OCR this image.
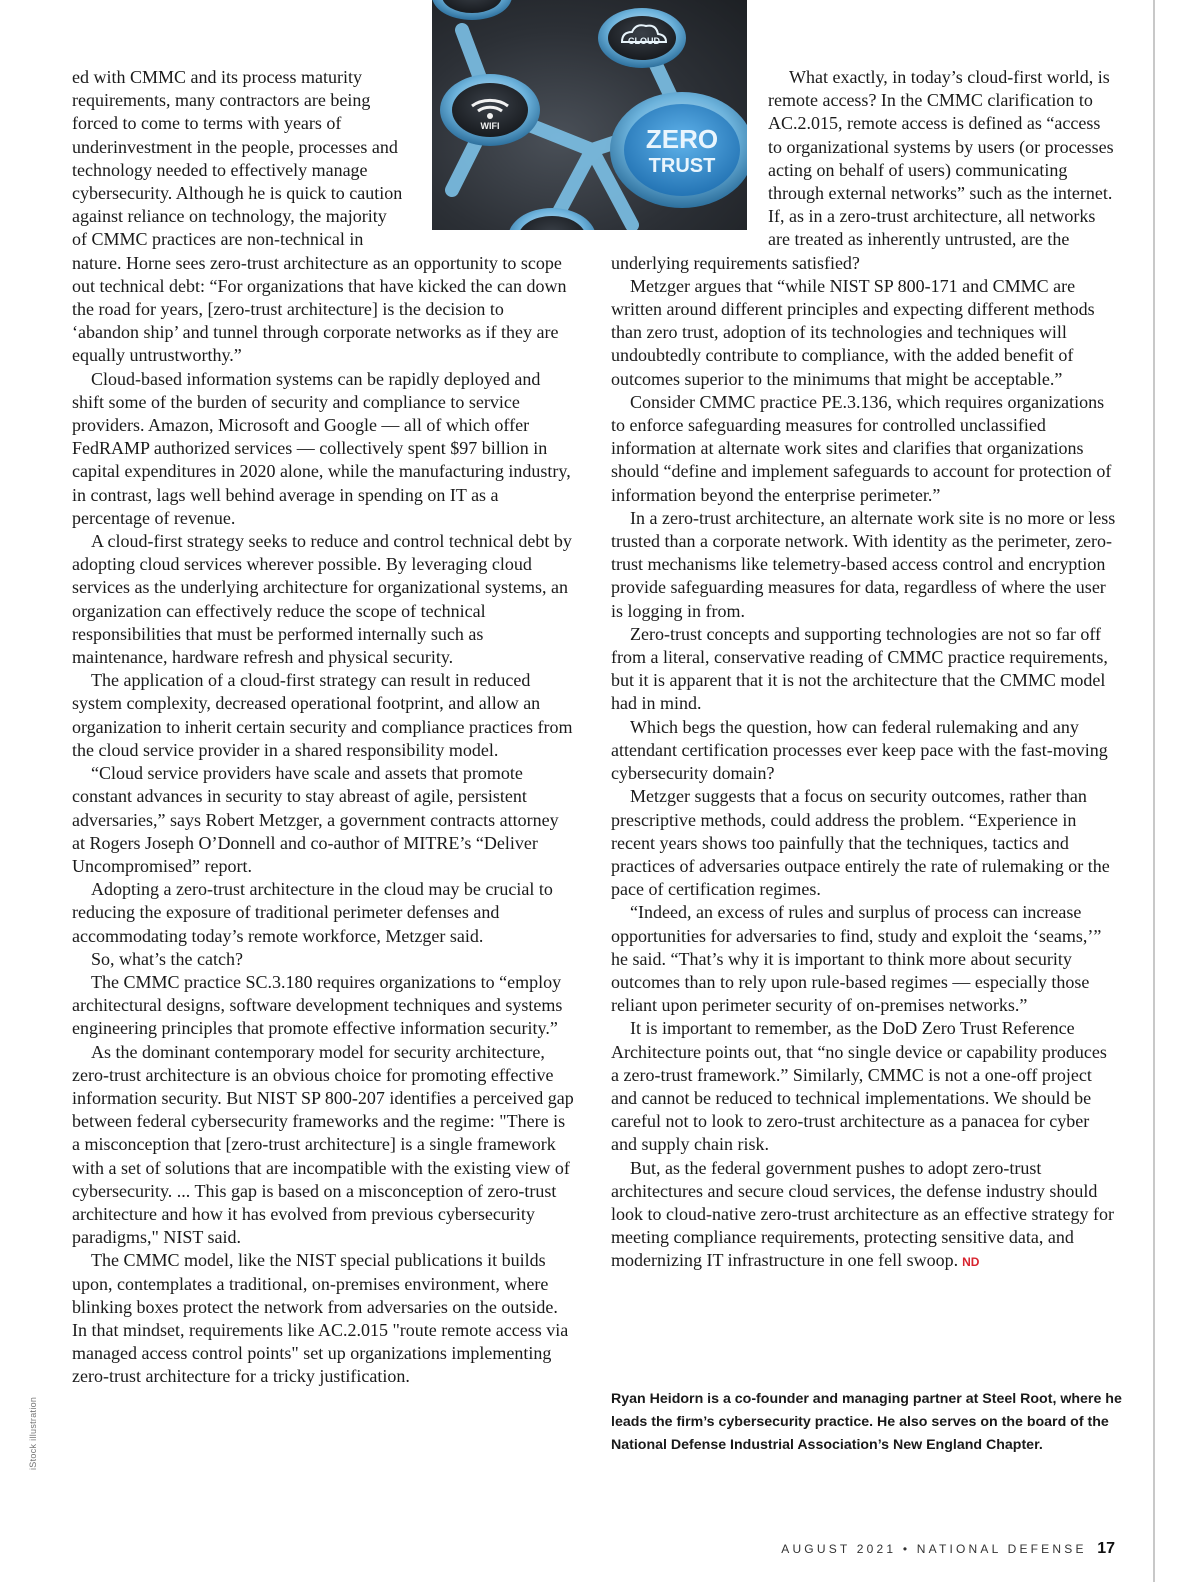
CLOUD
WIFI	ZERO
TRUST
iStock illustration

ed with CMMC and its process maturity requirements, many contractors are being forced to come to terms with years of underinvestment in the people, processes and technology needed to effectively manage cybersecurity. Although he is quick to caution against reliance on technology, the majority of CMMC practices are non-technical in nature. Horne sees zero-trust architecture as an opportunity to scope out technical debt: “For organizations that have kicked the can down the road for years, [zero-trust architecture] is the decision to ‘abandon ship’ and tunnel through corporate networks as if they are equally untrustworthy.”

Cloud-based information systems can be rapidly deployed and shift some of the burden of security and compliance to service providers. Amazon, Microsoft and Google — all of which offer FedRAMP authorized services — collectively spent $97 billion in capital expenditures in 2020 alone, while the manufacturing industry, in contrast, lags well behind average in spending on IT as a percentage of revenue.

A cloud-first strategy seeks to reduce and control technical debt by adopting cloud services wherever possible. By leveraging cloud services as the underlying architecture for organizational systems, an organization can effectively reduce the scope of technical responsibilities that must be performed internally such as maintenance, hardware refresh and physical security.

The application of a cloud-first strategy can result in reduced system complexity, decreased operational footprint, and allow an organization to inherit certain security and compliance practices from the cloud service provider in a shared responsibility model.

“Cloud service providers have scale and assets that promote constant advances in security to stay abreast of agile, persistent adversaries,” says Robert Metzger, a government contracts attorney at Rogers Joseph O’Donnell and co-author of MITRE’s “Deliver Uncompromised” report.

Adopting a zero-trust architecture in the cloud may be crucial to reducing the exposure of traditional perimeter defenses and accommodating today’s remote workforce, Metzger said.

So, what’s the catch?

The CMMC practice SC.3.180 requires organizations to “employ architectural designs, software development techniques and systems engineering principles that promote effective information security.”

As the dominant contemporary model for security architecture, zero-trust architecture is an obvious choice for promoting effective information security. But NIST SP 800-207 identifies a perceived gap between federal cybersecurity frameworks and the regime: "There is a misconception that [zero-trust architecture] is a single framework with a set of solutions that are incompatible with the existing view of cybersecurity. ... This gap is based on a misconception of zero-trust architecture and how it has evolved from previous cybersecurity paradigms," NIST said.

The CMMC model, like the NIST special publications it builds upon, contemplates a traditional, on-premises environment, where blinking boxes protect the network from adversaries on the outside. In that mindset, requirements like AC.2.015 "route remote access via managed access control points" set up organizations implementing zero-trust architecture for a tricky justification.

What exactly, in today’s cloud-first world, is remote access? In the CMMC clarification to AC.2.015, remote access is defined as “access to organizational systems by users (or processes acting on behalf of users) communicating through external networks” such as the internet. If, as in a zero-trust architecture, all networks are treated as inherently untrusted, are the underlying requirements satisfied?

Metzger argues that “while NIST SP 800-171 and CMMC are written around different principles and expecting different methods than zero trust, adoption of its technologies and techniques will undoubtedly contribute to compliance, with the added benefit of outcomes superior to the minimums that might be acceptable.”

Consider CMMC practice PE.3.136, which requires organizations to enforce safeguarding measures for controlled unclassified information at alternate work sites and clarifies that organizations should “define and implement safeguards to account for protection of information beyond the enterprise perimeter.”

In a zero-trust architecture, an alternate work site is no more or less trusted than a corporate network. With identity as the perimeter, zero-trust mechanisms like telemetry-based access control and encryption provide safeguarding measures for data, regardless of where the user is logging in from.

Zero-trust concepts and supporting technologies are not so far off from a literal, conservative reading of CMMC practice requirements, but it is apparent that it is not the architecture that the CMMC model had in mind.

Which begs the question, how can federal rulemaking and any attendant certification processes ever keep pace with the fast-moving cybersecurity domain?

Metzger suggests that a focus on security outcomes, rather than prescriptive methods, could address the problem. “Experience in recent years shows too painfully that the techniques, tactics and practices of adversaries outpace entirely the rate of rulemaking or the pace of certification regimes.

“Indeed, an excess of rules and surplus of process can increase opportunities for adversaries to find, study and exploit the ‘seams,’” he said. “That’s why it is important to think more about security outcomes than to rely upon rule-based regimes — especially those reliant upon perimeter security of on-premises networks.”

It is important to remember, as the DoD Zero Trust Reference Architecture points out, that “no single device or capability produces a zero-trust framework.” Similarly, CMMC is not a one-off project and cannot be reduced to technical implementations. We should be careful not to look to zero-trust architecture as a panacea for cyber and supply chain risk.

But, as the federal government pushes to adopt zero-trust architectures and secure cloud services, the defense industry should look to cloud-native zero-trust architecture as an effective strategy for meeting compliance requirements, protecting sensitive data, and modernizing IT infrastructure in one fell swoop. ND

Ryan Heidorn is a co-founder and managing partner at Steel Root, where he leads the firm’s cybersecurity practice. He also serves on the board of the National Defense Industrial Association’s New England Chapter.
AUGUST 2021 • NATIONAL DEFENSE 17
